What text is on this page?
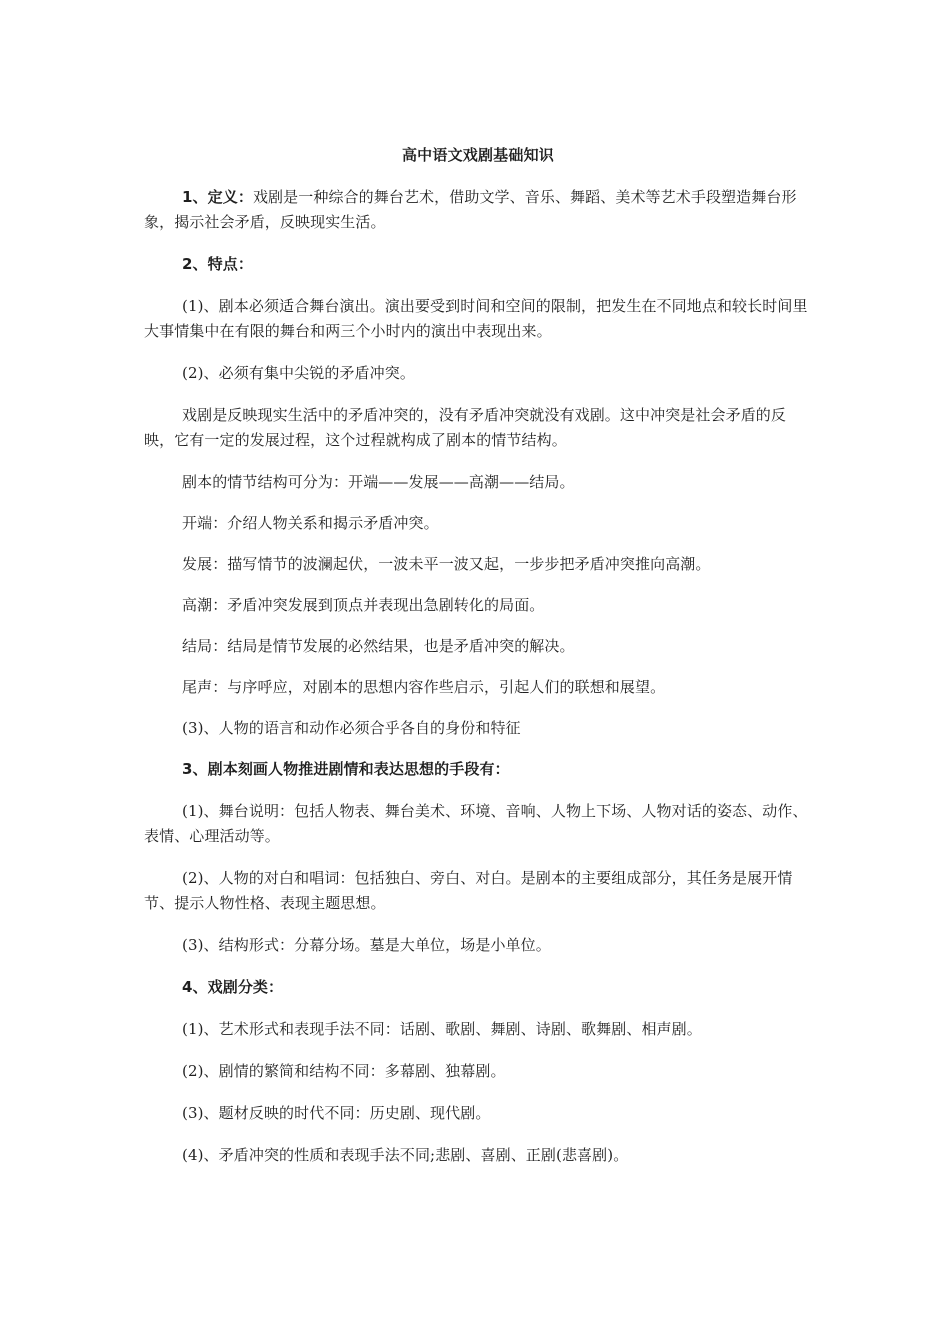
高中语文戏剧基础知识
1、定义：戏剧是一种综合的舞台艺术，借助文学、音乐、舞蹈、美术等艺术手段塑造舞台形象，揭示社会矛盾，反映现实生活。
2、特点：
(1)、剧本必须适合舞台演出。演出要受到时间和空间的限制，把发生在不同地点和较长时间里大事情集中在有限的舞台和两三个小时内的演出中表现出来。
(2)、必须有集中尖锐的矛盾冲突。
戏剧是反映现实生活中的矛盾冲突的，没有矛盾冲突就没有戏剧。这中冲突是社会矛盾的反映，它有一定的发展过程，这个过程就构成了剧本的情节结构。
剧本的情节结构可分为：开端——发展——高潮——结局。
开端：介绍人物关系和揭示矛盾冲突。
发展：描写情节的波澜起伏，一波未平一波又起，一步步把矛盾冲突推向高潮。
高潮：矛盾冲突发展到顶点并表现出急剧转化的局面。
结局：结局是情节发展的必然结果，也是矛盾冲突的解决。
尾声：与序呼应，对剧本的思想内容作些启示，引起人们的联想和展望。
(3)、人物的语言和动作必须合乎各自的身份和特征
3、剧本刻画人物推进剧情和表达思想的手段有：
(1)、舞台说明：包括人物表、舞台美术、环境、音响、人物上下场、人物对话的姿态、动作、表情、心理活动等。
(2)、人物的对白和唱词：包括独白、旁白、对白。是剧本的主要组成部分，其任务是展开情节、提示人物性格、表现主题思想。
(3)、结构形式：分幕分场。墓是大单位，场是小单位。
4、戏剧分类：
(1)、艺术形式和表现手法不同：话剧、歌剧、舞剧、诗剧、歌舞剧、相声剧。
(2)、剧情的繁简和结构不同：多幕剧、独幕剧。
(3)、题材反映的时代不同：历史剧、现代剧。
(4)、矛盾冲突的性质和表现手法不同;悲剧、喜剧、正剧(悲喜剧)。
